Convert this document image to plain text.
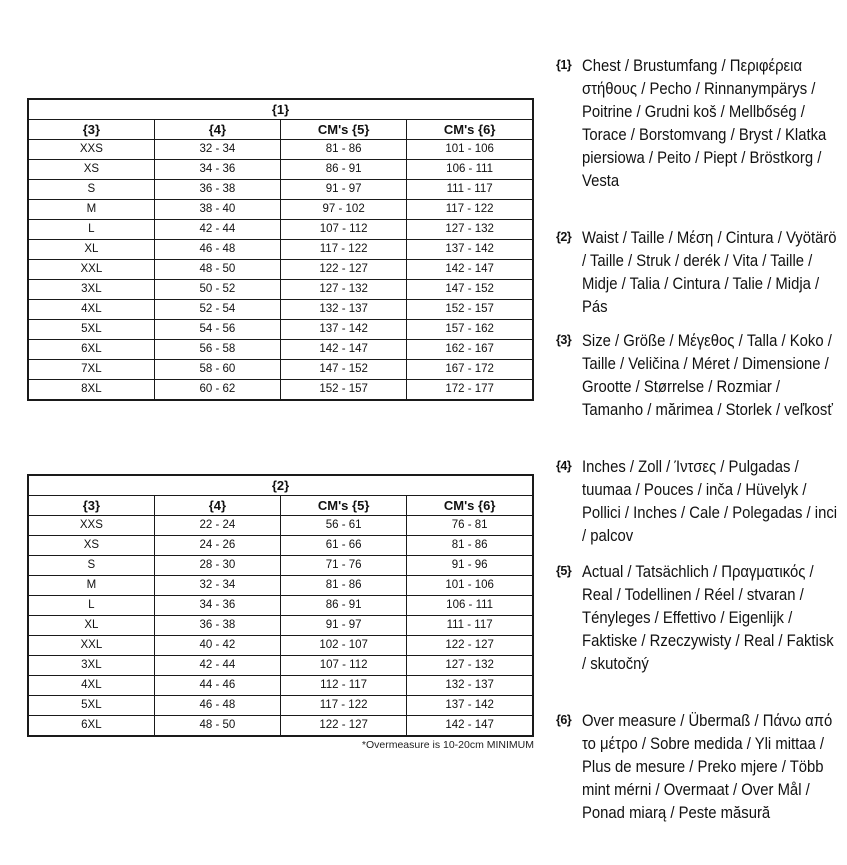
{1}			
{3}	{4}	CM's {5}	CM's {6}
XXS	32 - 34	81 - 86	101 - 106
XS	34 - 36	86 - 91	106 - 111
S	36 - 38	91 - 97	111 - 117
M	38 - 40	97 - 102	117 - 122
L	42 - 44	107 - 112	127 - 132
XL	46 - 48	117 - 122	137 - 142
XXL	48 - 50	122 - 127	142 - 147
3XL	50 - 52	127 - 132	147 - 152
4XL	52 - 54	132 - 137	152 - 157
5XL	54 - 56	137 - 142	157 - 162
6XL	56 - 58	142 - 147	162 - 167
7XL	58 - 60	147 - 152	167 - 172
8XL	60 - 62	152 - 157	172 - 177
{2}			
{3}	{4}	CM's {5}	CM's {6}
XXS	22 - 24	56 - 61	76 - 81
XS	24 - 26	61 - 66	81 - 86
S	28 - 30	71 - 76	91 - 96
M	32 - 34	81 - 86	101 - 106
L	34 - 36	86 - 91	106 - 111
XL	36 - 38	91 - 97	111 - 117
XXL	40 - 42	102 - 107	122 - 127
3XL	42 - 44	107 - 112	127 - 132
4XL	44 - 46	112 - 117	132 - 137
5XL	46 - 48	117 - 122	137 - 142
6XL	48 - 50	122 - 127	142 - 147
*Overmeasure is 10-20cm MINIMUM
{1} Chest / Brustumfang / Περιφέρεια στήθους / Pecho / Rinnanympärys / Poitrine / Grudni koš / Mellbőség / Torace / Borstomvang / Bryst / Klatka piersiowa / Peito / Piept / Bröstkorg / Vesta
{2} Waist / Taille / Μέση / Cintura / Vyötärö / Taille / Struk / derék / Vita / Taille / Midje / Talia / Cintura / Talie / Midja / Pás
{3} Size / Größe / Μέγεθος / Talla / Koko / Taille / Veličina / Méret / Dimensione / Grootte / Størrelse / Rozmiar / Tamanho / mărimea / Storlek / veľkosť
{4} Inches / Zoll / Ίντσες / Pulgadas / tuumaa / Pouces / inča / Hüvelyk / Pollici / Inches / Cale / Polegadas / inci / palcov
{5} Actual / Tatsächlich / Πραγματικός / Real / Todellinen / Réel / stvaran / Tényleges / Effettivo / Eigenlijk / Faktiske / Rzeczywisty / Real / Faktisk / skutočný
{6} Over measure / Übermaß / Πάνω από το μέτρο / Sobre medida / Yli mittaa / Plus de mesure / Preko mjere / Több mint mérni / Overmaat / Over Mål / Ponad miarą / Peste măsură
